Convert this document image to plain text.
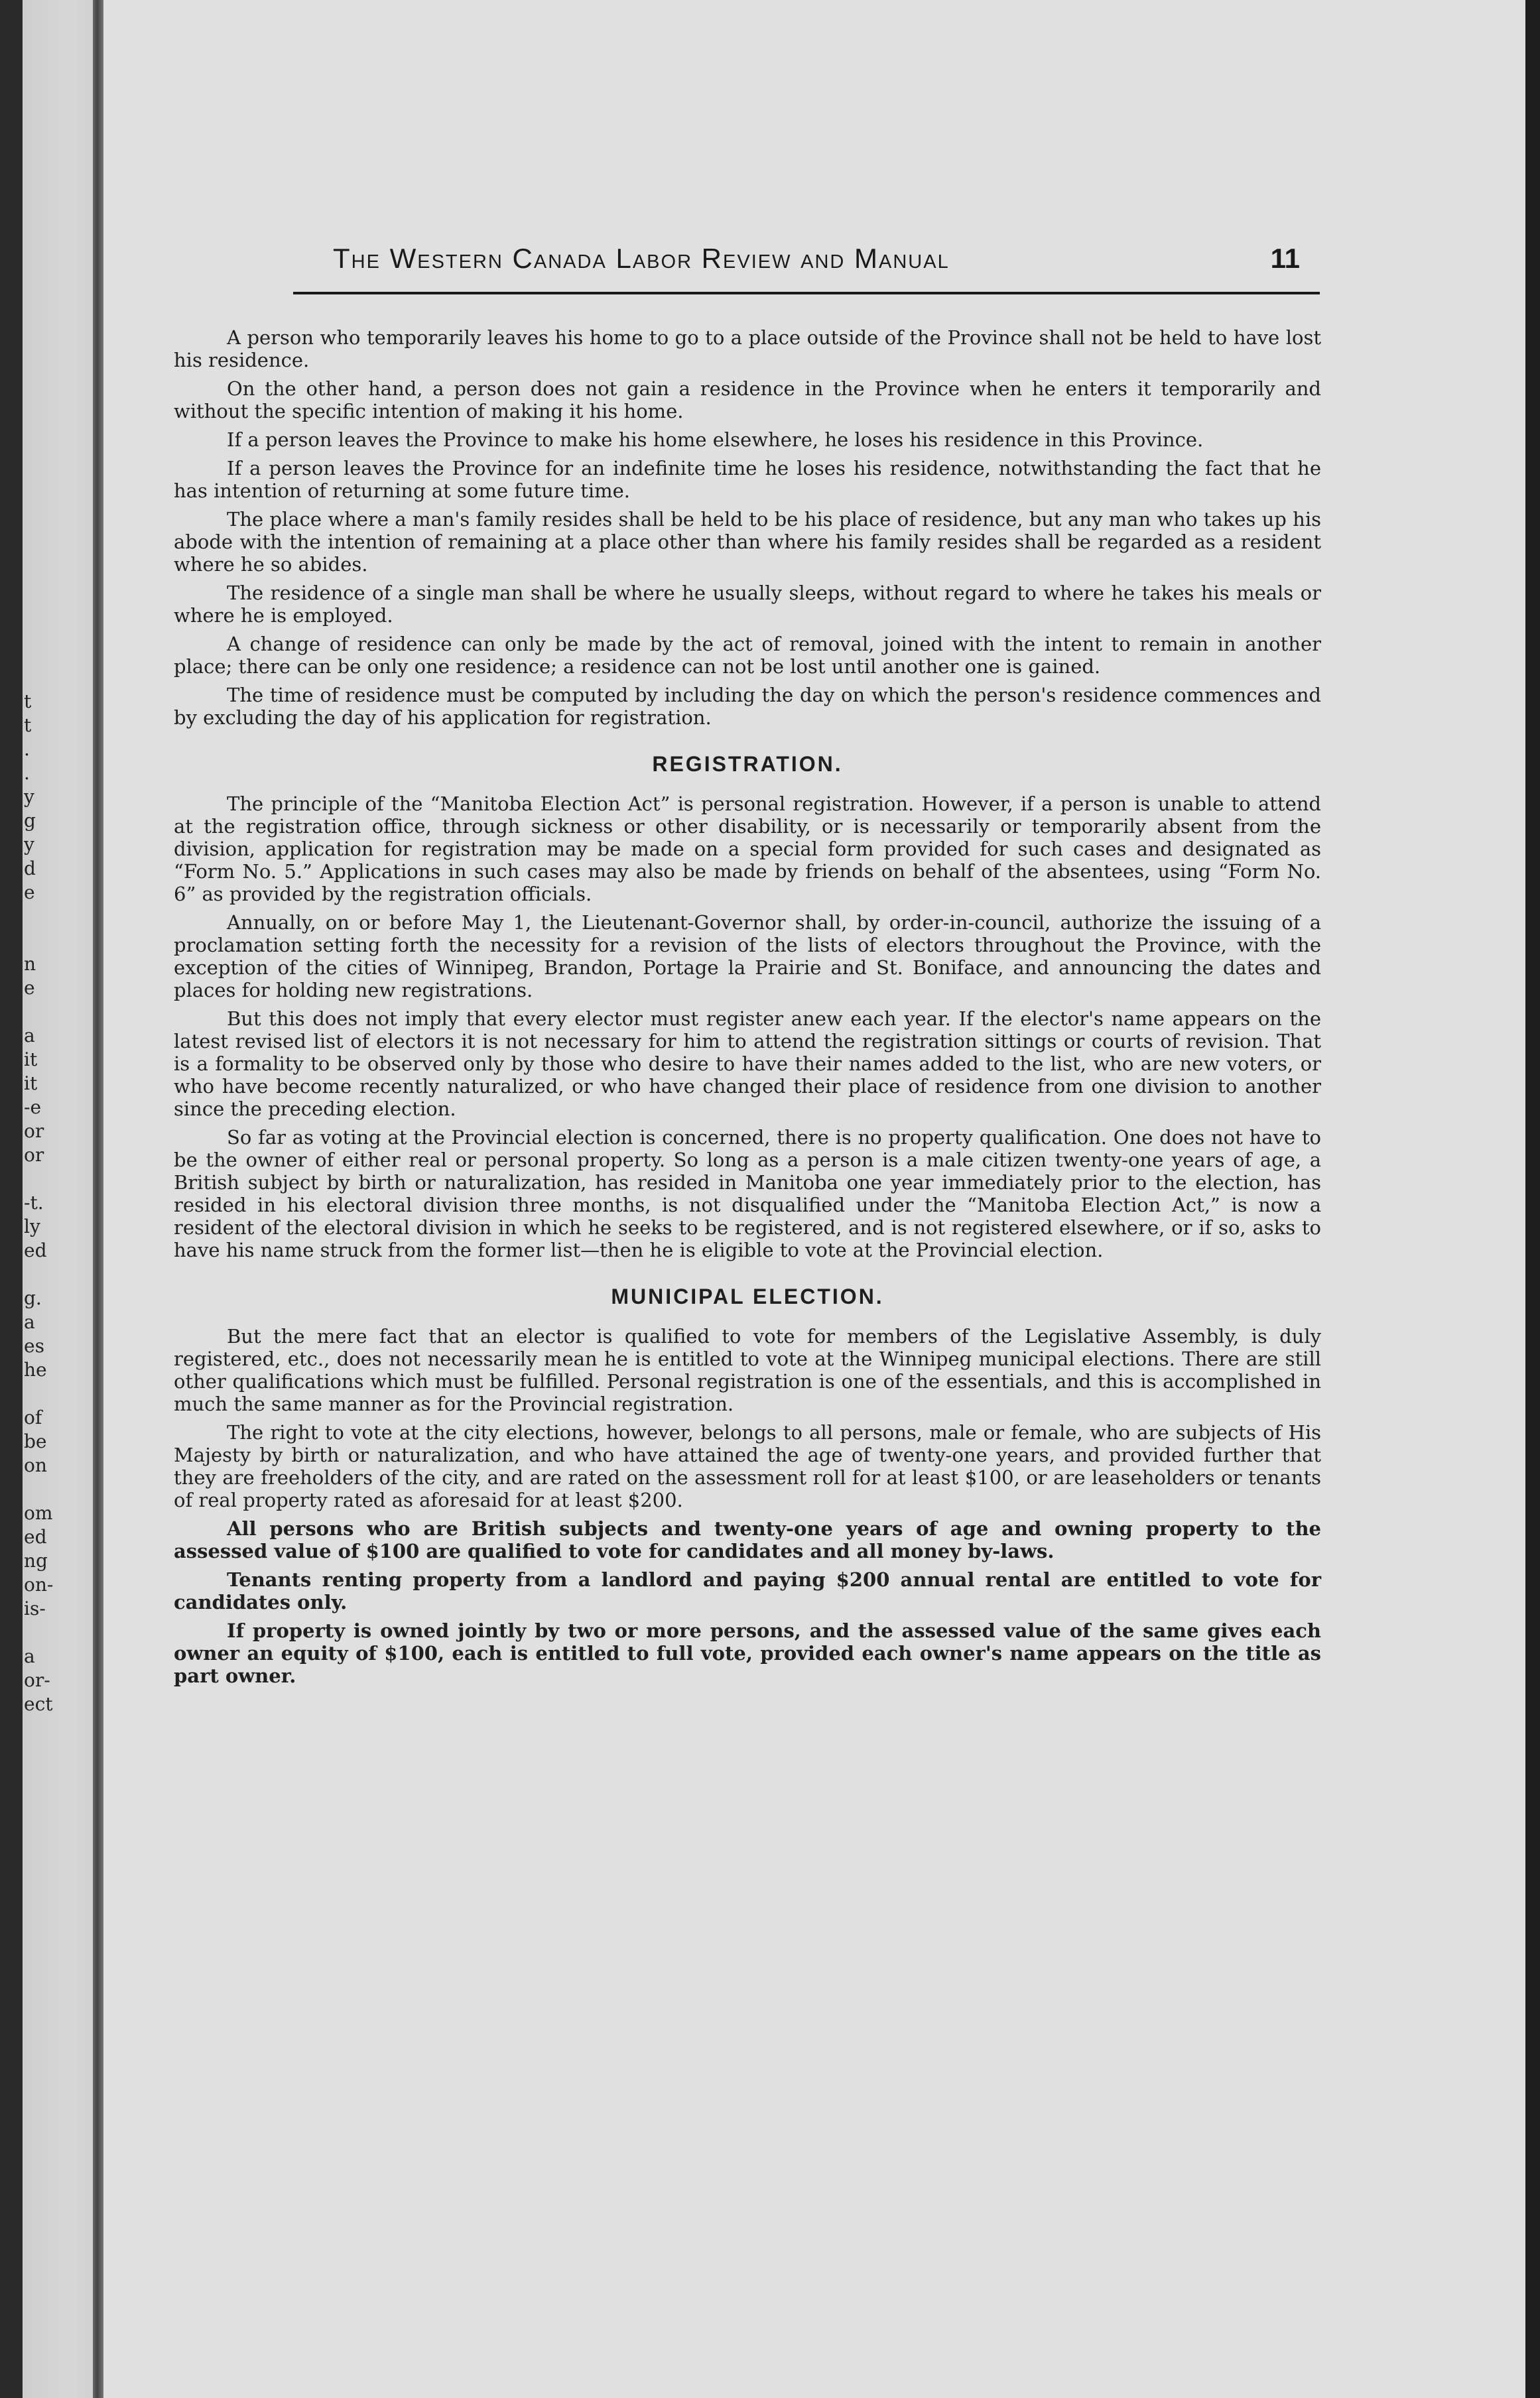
t
t
.
.
y
g
y
d
e
n
e
a
it
it
-e
or
or
-t.
ly
ed
g.
a
es
he
of
be
on
om
ed
ng
on-
is-
a
or-
ect
The Western Canada Labor Review and Manual	11

A person who temporarily leaves his home to go to a place outside of the Province shall not be held to have lost his residence.

On the other hand, a person does not gain a residence in the Province when he enters it temporarily and without the specific intention of making it his home.

If a person leaves the Province to make his home elsewhere, he loses his residence in this Province.

If a person leaves the Province for an indefinite time he loses his residence, notwithstanding the fact that he has intention of returning at some future time.

The place where a man's family resides shall be held to be his place of residence, but any man who takes up his abode with the intention of remaining at a place other than where his family resides shall be regarded as a resident where he so abides.

The residence of a single man shall be where he usually sleeps, without regard to where he takes his meals or where he is employed.

A change of residence can only be made by the act of removal, joined with the intent to remain in another place; there can be only one residence; a residence can not be lost until another one is gained.

The time of residence must be computed by including the day on which the person's residence commences and by excluding the day of his application for registration.

REGISTRATION.

The principle of the “Manitoba Election Act” is personal registration. However, if a person is unable to attend at the registration office, through sickness or other disability, or is necessarily or temporarily absent from the division, application for registration may be made on a special form provided for such cases and designated as “Form No. 5.” Applications in such cases may also be made by friends on behalf of the absentees, using “Form No. 6” as provided by the registration officials.

Annually, on or before May 1, the Lieutenant-Governor shall, by order-in-council, authorize the issuing of a proclamation setting forth the necessity for a revision of the lists of electors throughout the Province, with the exception of the cities of Winnipeg, Brandon, Portage la Prairie and St. Boniface, and announcing the dates and places for holding new registrations.

But this does not imply that every elector must register anew each year. If the elector's name appears on the latest revised list of electors it is not necessary for him to attend the registration sittings or courts of revision. That is a formality to be observed only by those who desire to have their names added to the list, who are new voters, or who have become recently naturalized, or who have changed their place of residence from one division to another since the preceding election.

So far as voting at the Provincial election is concerned, there is no property qualification. One does not have to be the owner of either real or personal property. So long as a person is a male citizen twenty-one years of age, a British subject by birth or naturalization, has resided in Manitoba one year immediately prior to the election, has resided in his electoral division three months, is not disqualified under the “Manitoba Election Act,” is now a resident of the electoral division in which he seeks to be registered, and is not registered elsewhere, or if so, asks to have his name struck from the former list—then he is eligible to vote at the Provincial election.

MUNICIPAL ELECTION.

But the mere fact that an elector is qualified to vote for members of the Legislative Assembly, is duly registered, etc., does not necessarily mean he is entitled to vote at the Winnipeg municipal elections. There are still other qualifications which must be fulfilled. Personal registration is one of the essentials, and this is accomplished in much the same manner as for the Provincial registration.

The right to vote at the city elections, however, belongs to all persons, male or female, who are subjects of His Majesty by birth or naturalization, and who have attained the age of twenty-one years, and provided further that they are freeholders of the city, and are rated on the assessment roll for at least $100, or are leaseholders or tenants of real property rated as aforesaid for at least $200.

All persons who are British subjects and twenty-one years of age and owning property to the assessed value of $100 are qualified to vote for candidates and all money by-laws.

Tenants renting property from a landlord and paying $200 annual rental are entitled to vote for candidates only.

If property is owned jointly by two or more persons, and the assessed value of the same gives each owner an equity of $100, each is entitled to full vote, provided each owner's name appears on the title as part owner.
